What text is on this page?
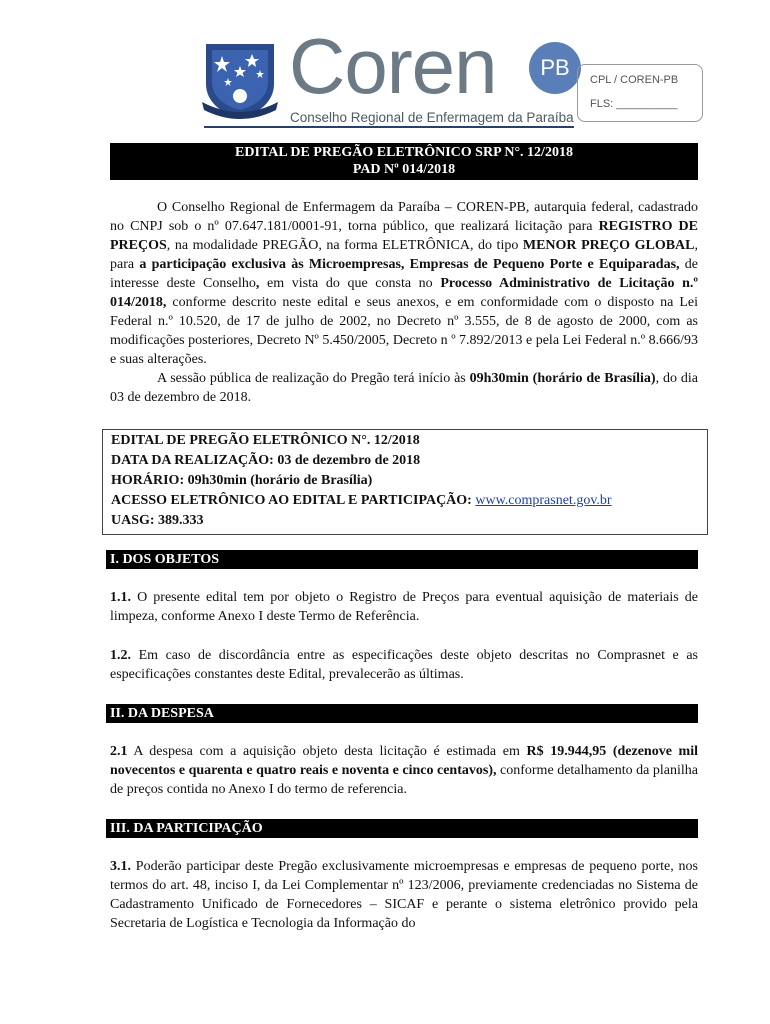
Coren	PB
Conselho Regional de Enfermagem da Paraíba
CPL / COREN-PB
FLS: __________
EDITAL DE PREGÃO ELETRÔNICO SRP N°. 12/2018
PAD Nº 014/2018

O Conselho Regional de Enfermagem da Paraíba – COREN-PB, autarquia federal, cadastrado no CNPJ sob o nº 07.647.181/0001-91, torna público, que realizará licitação para REGISTRO DE PREÇOS, na modalidade PREGÃO, na forma ELETRÔNICA, do tipo MENOR PREÇO GLOBAL, para a participação exclusiva às Microempresas, Empresas de Pequeno Porte e Equiparadas, de interesse deste Conselho, em vista do que consta no Processo Administrativo de Licitação n.º 014/2018, conforme descrito neste edital e seus anexos, e em conformidade com o disposto na Lei Federal n.º 10.520, de 17 de julho de 2002, no Decreto nº 3.555, de 8 de agosto de 2000, com as modificações posteriores, Decreto Nº 5.450/2005, Decreto n º 7.892/2013 e pela Lei Federal n.º 8.666/93 e suas alterações.

A sessão pública de realização do Pregão terá início às 09h30min (horário de Brasília), do dia 03 de dezembro de 2018.

EDITAL DE PREGÃO ELETRÔNICO N°. 12/2018
DATA DA REALIZAÇÃO: 03 de dezembro de 2018
HORÁRIO: 09h30min (horário de Brasília)
ACESSO ELETRÔNICO AO EDITAL E PARTICIPAÇÃO: www.comprasnet.gov.br
UASG: 389.333
I. DOS OBJETOS

1.1. O presente edital tem por objeto o Registro de Preços para eventual aquisição de materiais de limpeza, conforme Anexo I deste Termo de Referência.

1.2. Em caso de discordância entre as especificações deste objeto descritas no Comprasnet e as especificações constantes deste Edital, prevalecerão as últimas.

II. DA DESPESA

2.1 A despesa com a aquisição objeto desta licitação é estimada em R$ 19.944,95 (dezenove mil novecentos e quarenta e quatro reais e noventa e cinco centavos), conforme detalhamento da planilha de preços contida no Anexo I do termo de referencia.

III. DA PARTICIPAÇÃO

3.1. Poderão participar deste Pregão exclusivamente microempresas e empresas de pequeno porte, nos termos do art. 48, inciso I, da Lei Complementar nº 123/2006, previamente credenciadas no Sistema de Cadastramento Unificado de Fornecedores – SICAF e perante o sistema eletrônico provido pela Secretaria de Logística e Tecnologia da Informação do
